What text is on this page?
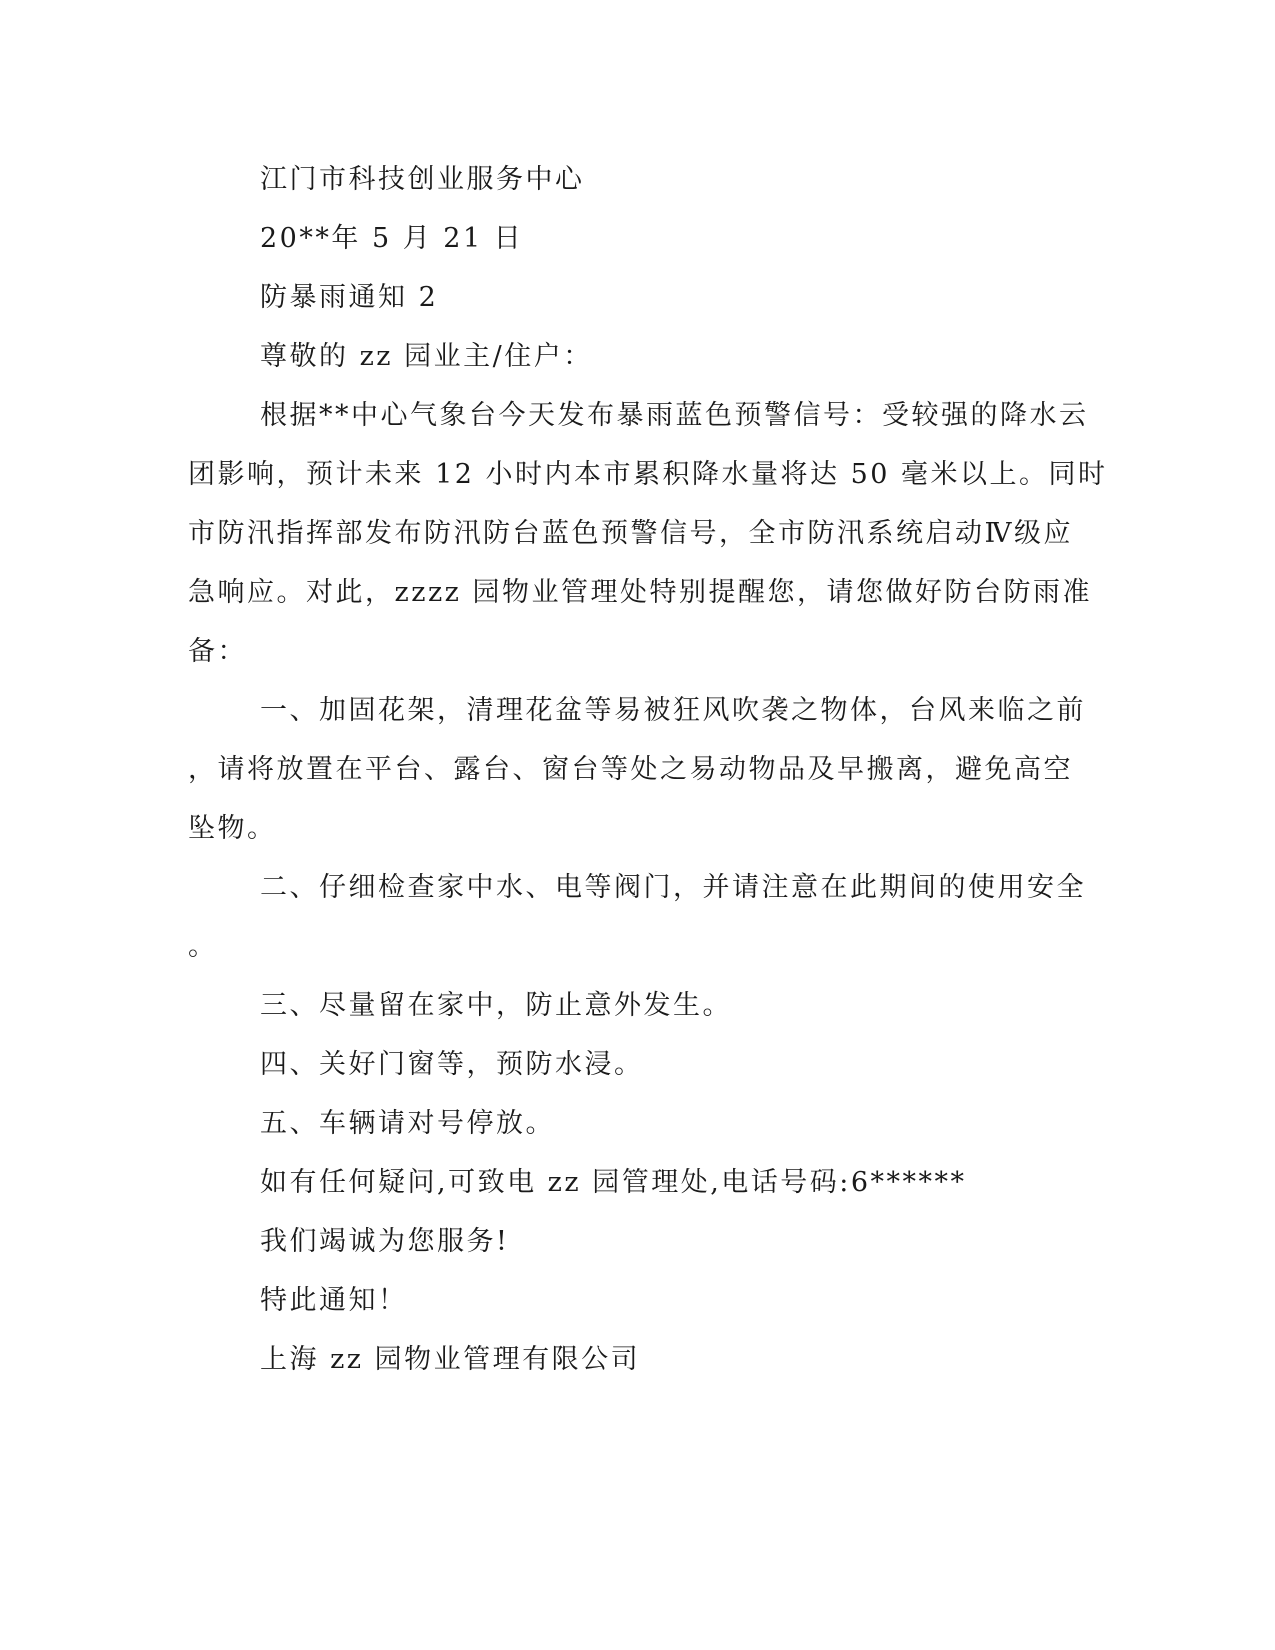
江门市科技创业服务中心
20**年 5 月 21 日
防暴雨通知 2
尊敬的 zz 园业主/住户：
根据**中心气象台今天发布暴雨蓝色预警信号：受较强的降水云
团影响，预计未来 12 小时内本市累积降水量将达 50 毫米以上。同时
市防汛指挥部发布防汛防台蓝色预警信号，全市防汛系统启动Ⅳ级应
急响应。对此，zzzz 园物业管理处特别提醒您，请您做好防台防雨准
备：
一、加固花架，清理花盆等易被狂风吹袭之物体，台风来临之前
，请将放置在平台、露台、窗台等处之易动物品及早搬离，避免高空
坠物。
二、仔细检查家中水、电等阀门，并请注意在此期间的使用安全
。
三、尽量留在家中，防止意外发生。
四、关好门窗等，预防水浸。
五、车辆请对号停放。
如有任何疑问,可致电 zz 园管理处,电话号码:6******
我们竭诚为您服务!
特此通知！
上海 zz 园物业管理有限公司
